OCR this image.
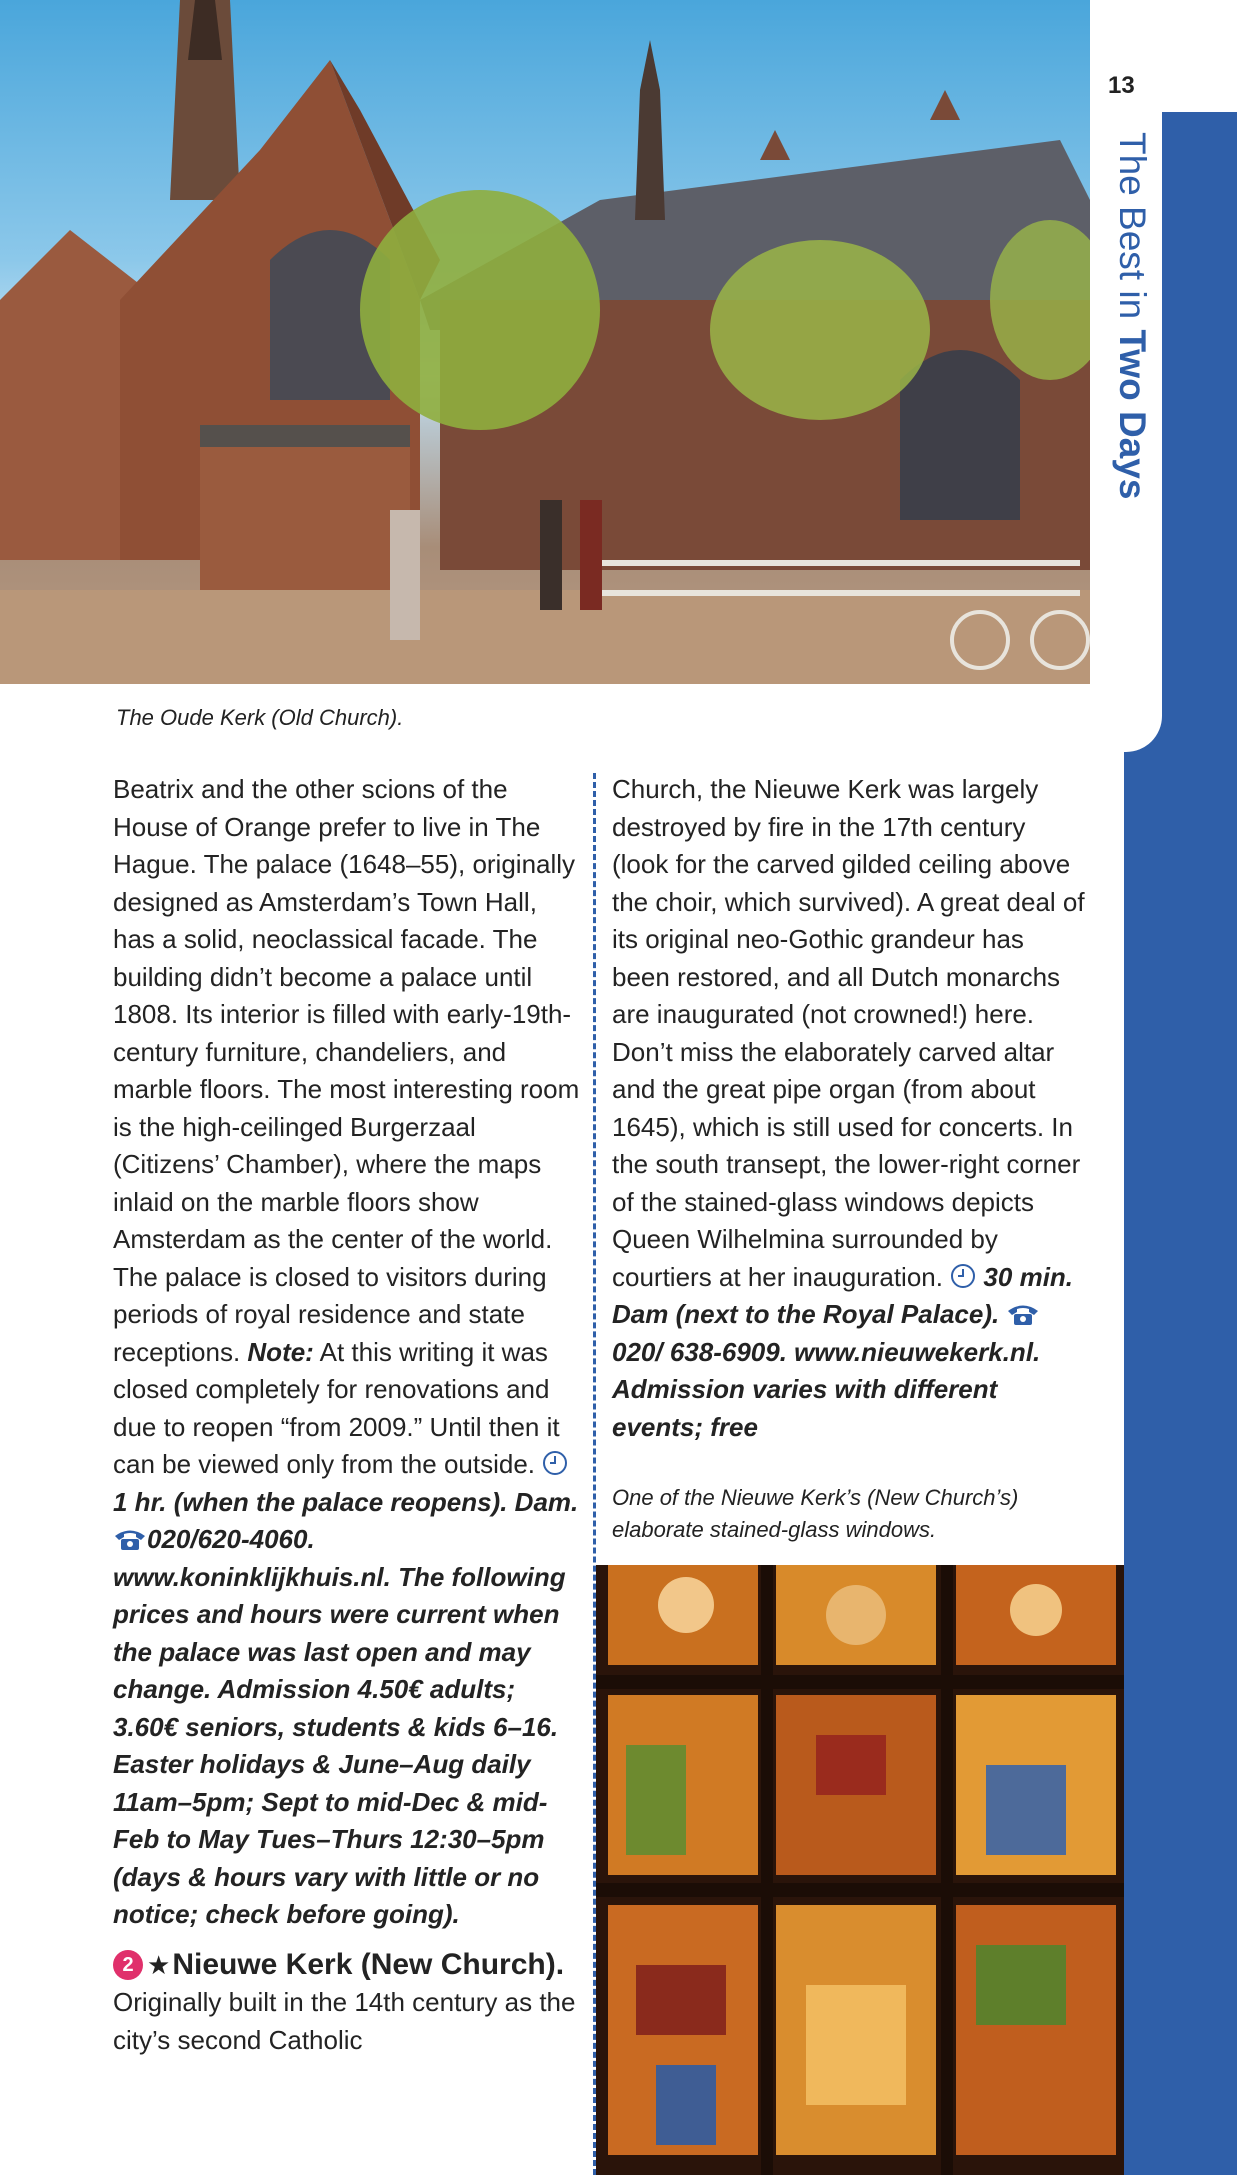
13
The Best in Two Days
The Oude Kerk (Old Church).
One of the Nieuwe Kerk’s (New Church’s) elaborate stained-glass windows.

Beatrix and the other scions of the House of Orange prefer to live in The Hague. The palace (1648–55), originally designed as Amsterdam’s Town Hall, has a solid, neoclassical facade. The building didn’t become a palace until 1808. Its interior is filled with early-19th-century furniture, chandeliers, and marble floors. The most interesting room is the high-ceilinged Burgerzaal (Citizens’ Chamber), where the maps inlaid on the marble floors show Amsterdam as the center of the world. The palace is closed to visitors during periods of royal residence and state receptions. Note: At this writing it was closed completely for renovations and due to reopen “from 2009.” Until then it can be viewed only from the outside.  1 hr. (when the palace reopens). Dam. 020/620-4060. www.koninklijkhuis.nl. The following prices and hours were current when the palace was last open and may change. Admission 4.50€ adults; 3.60€ seniors, students & kids 6–16. Easter holidays & June–Aug daily 11am–5pm; Sept to mid-Dec & mid-Feb to May Tues–Thurs 12:30–5pm (days & hours vary with little or no notice; check before going).

2 ★Nieuwe Kerk (New Church). Originally built in the 14th century as the city’s second Catholic

Church, the Nieuwe Kerk was largely destroyed by fire in the 17th century (look for the carved gilded ceiling above the choir, which survived). A great deal of its original neo-Gothic grandeur has been restored, and all Dutch monarchs are inaugurated (not crowned!) here. Don’t miss the elaborately carved altar and the great pipe organ (from about 1645), which is still used for concerts. In the south transept, the lower-right corner of the stained-glass windows depicts Queen Wilhelmina surrounded by courtiers at her inauguration.  30 min. Dam (next to the Royal Palace). 020/ 638-6909. www.nieuwekerk.nl. Admission varies with different events; free
